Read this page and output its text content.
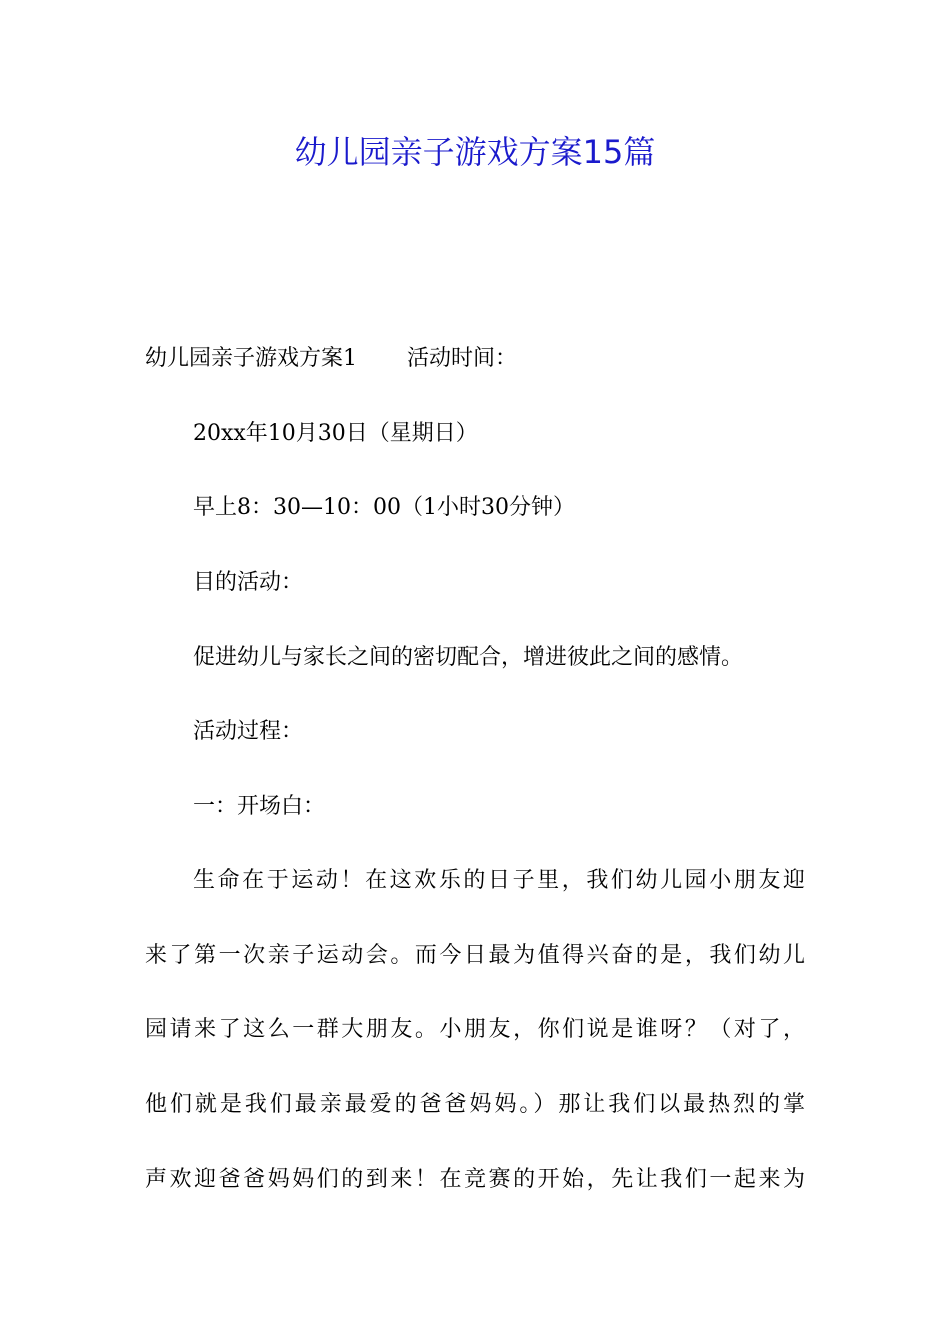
幼儿园亲子游戏方案15篇
幼儿园亲子游戏方案1 活动时间：
20xx年10月30日（星期日）
早上8：30—10：00（1小时30分钟）
目的活动：
促进幼儿与家长之间的密切配合，增进彼此之间的感情。
活动过程：
一：开场白：
生命在于运动！在这欢乐的日子里，我们幼儿园小朋友迎
来了第一次亲子运动会。而今日最为值得兴奋的是，我们幼儿
园请来了这么一群大朋友。小朋友，你们说是谁呀？（对了，
他们就是我们最亲最爱的爸爸妈妈。）那让我们以最热烈的掌
声欢迎爸爸妈妈们的到来！在竞赛的开始，先让我们一起来为
